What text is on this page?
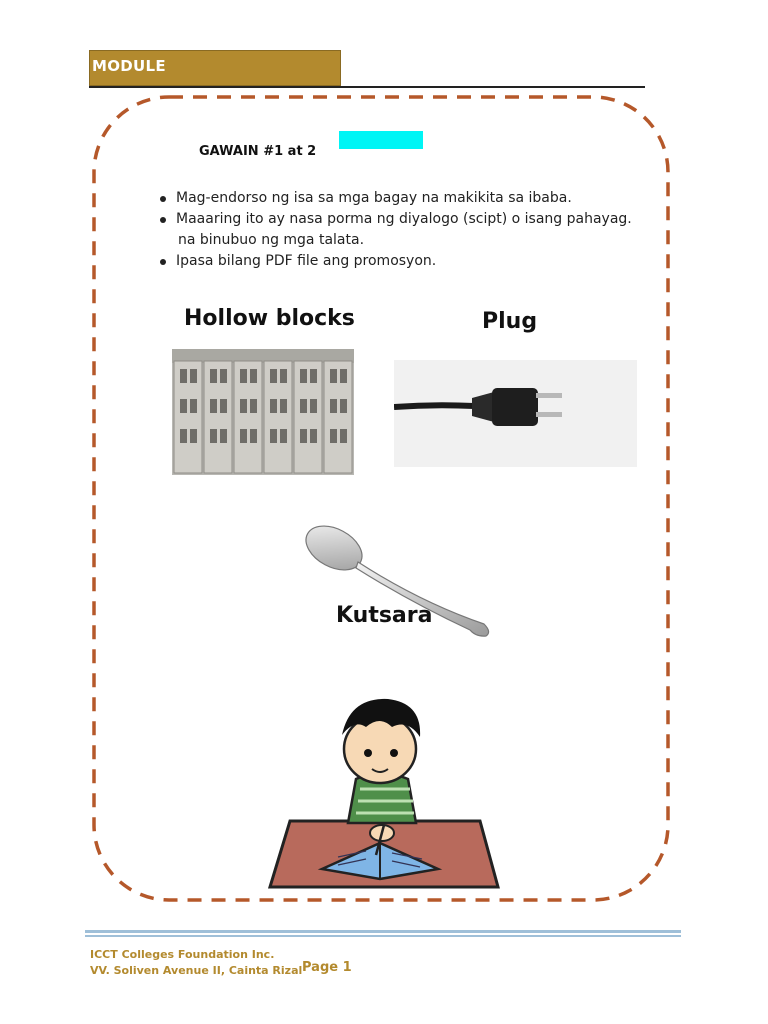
MODULE
GAWAIN #1 at 2
Mag-endorso ng isa sa mga bagay na makikita sa ibaba.
Maaaring ito ay nasa porma ng diyalogo (scipt) o isang pahayag.
na binubuo ng mga talata.
Ipasa bilang PDF file ang promosyon.
Hollow blocks	Plug
Kutsara
ICCT Colleges Foundation Inc.
VV. Soliven Avenue II, Cainta Rizal Page 1
